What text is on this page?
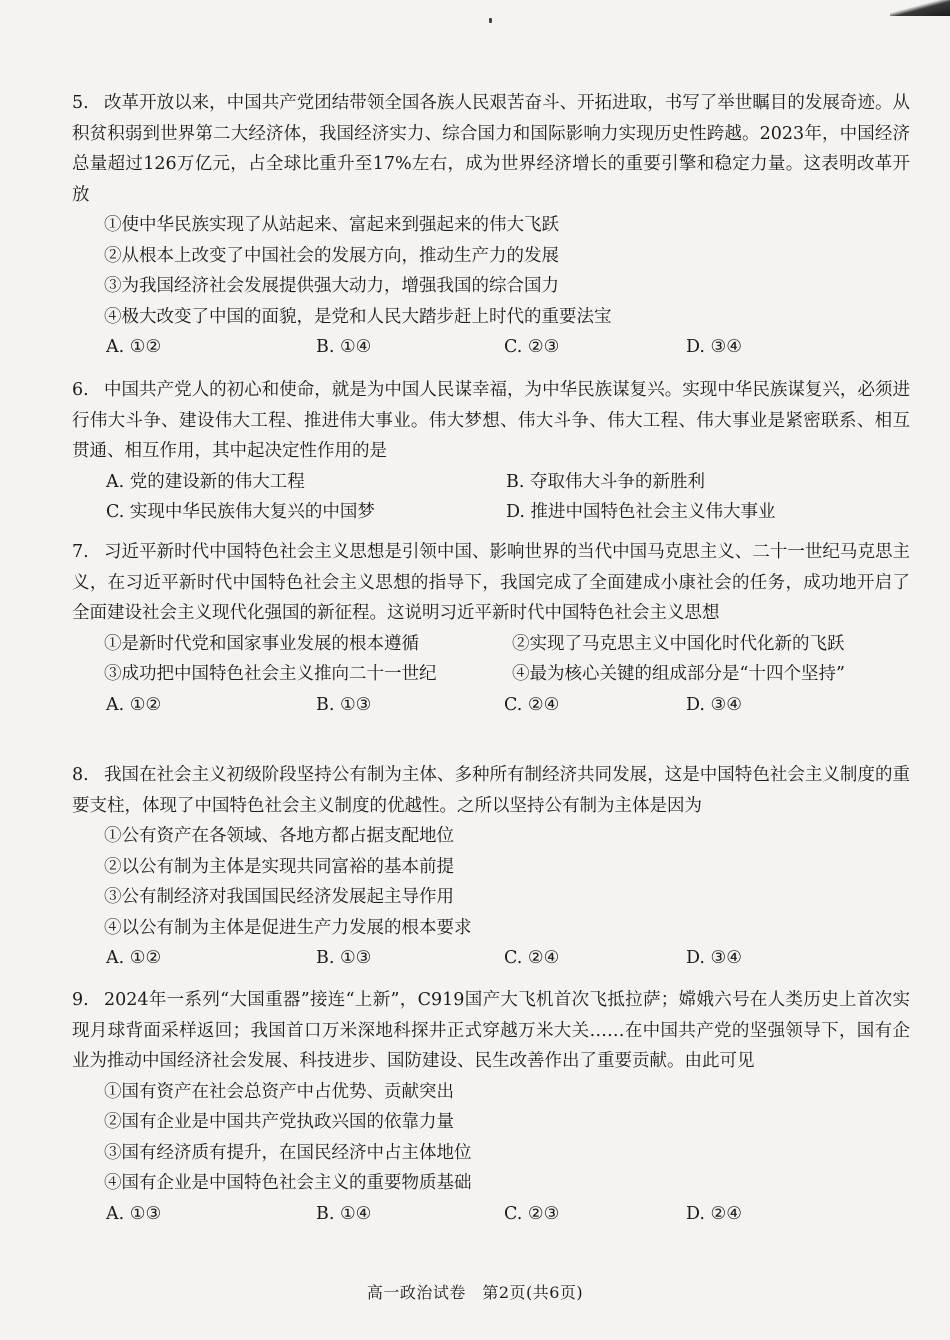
5. 改革开放以来，中国共产党团结带领全国各族人民艰苦奋斗、开拓进取，书写了举世瞩目的发展奇迹。从积贫积弱到世界第二大经济体，我国经济实力、综合国力和国际影响力实现历史性跨越。2023年，中国经济总量超过126万亿元，占全球比重升至17%左右，成为世界经济增长的重要引擎和稳定力量。这表明改革开放
①使中华民族实现了从站起来、富起来到强起来的伟大飞跃
②从根本上改变了中国社会的发展方向，推动生产力的发展
③为我国经济社会发展提供强大动力，增强我国的综合国力
④极大改变了中国的面貌，是党和人民大踏步赶上时代的重要法宝
A. ①②	B. ①④	C. ②③	D. ③④
6. 中国共产党人的初心和使命，就是为中国人民谋幸福，为中华民族谋复兴。实现中华民族谋复兴，必须进行伟大斗争、建设伟大工程、推进伟大事业。伟大梦想、伟大斗争、伟大工程、伟大事业是紧密联系、相互贯通、相互作用，其中起决定性作用的是
A. 党的建设新的伟大工程	B. 夺取伟大斗争的新胜利
C. 实现中华民族伟大复兴的中国梦	D. 推进中国特色社会主义伟大事业
7. 习近平新时代中国特色社会主义思想是引领中国、影响世界的当代中国马克思主义、二十一世纪马克思主义，在习近平新时代中国特色社会主义思想的指导下，我国完成了全面建成小康社会的任务，成功地开启了全面建设社会主义现代化强国的新征程。这说明习近平新时代中国特色社会主义思想
①是新时代党和国家事业发展的根本遵循	②实现了马克思主义中国化时代化新的飞跃
③成功把中国特色社会主义推向二十一世纪	④最为核心关键的组成部分是“十四个坚持”
A. ①②	B. ①③	C. ②④	D. ③④
8. 我国在社会主义初级阶段坚持公有制为主体、多种所有制经济共同发展，这是中国特色社会主义制度的重要支柱，体现了中国特色社会主义制度的优越性。之所以坚持公有制为主体是因为
①公有资产在各领域、各地方都占据支配地位
②以公有制为主体是实现共同富裕的基本前提
③公有制经济对我国国民经济发展起主导作用
④以公有制为主体是促进生产力发展的根本要求
A. ①②	B. ①③	C. ②④	D. ③④
9. 2024年一系列“大国重器”接连“上新”，C919国产大飞机首次飞抵拉萨；嫦娥六号在人类历史上首次实现月球背面采样返回；我国首口万米深地科探井正式穿越万米大关……在中国共产党的坚强领导下，国有企业为推动中国经济社会发展、科技进步、国防建设、民生改善作出了重要贡献。由此可见
①国有资产在社会总资产中占优势、贡献突出
②国有企业是中国共产党执政兴国的依靠力量
③国有经济质有提升，在国民经济中占主体地位
④国有企业是中国特色社会主义的重要物质基础
A. ①③	B. ①④	C. ②③	D. ②④
高一政治试卷　第2页(共6页)
